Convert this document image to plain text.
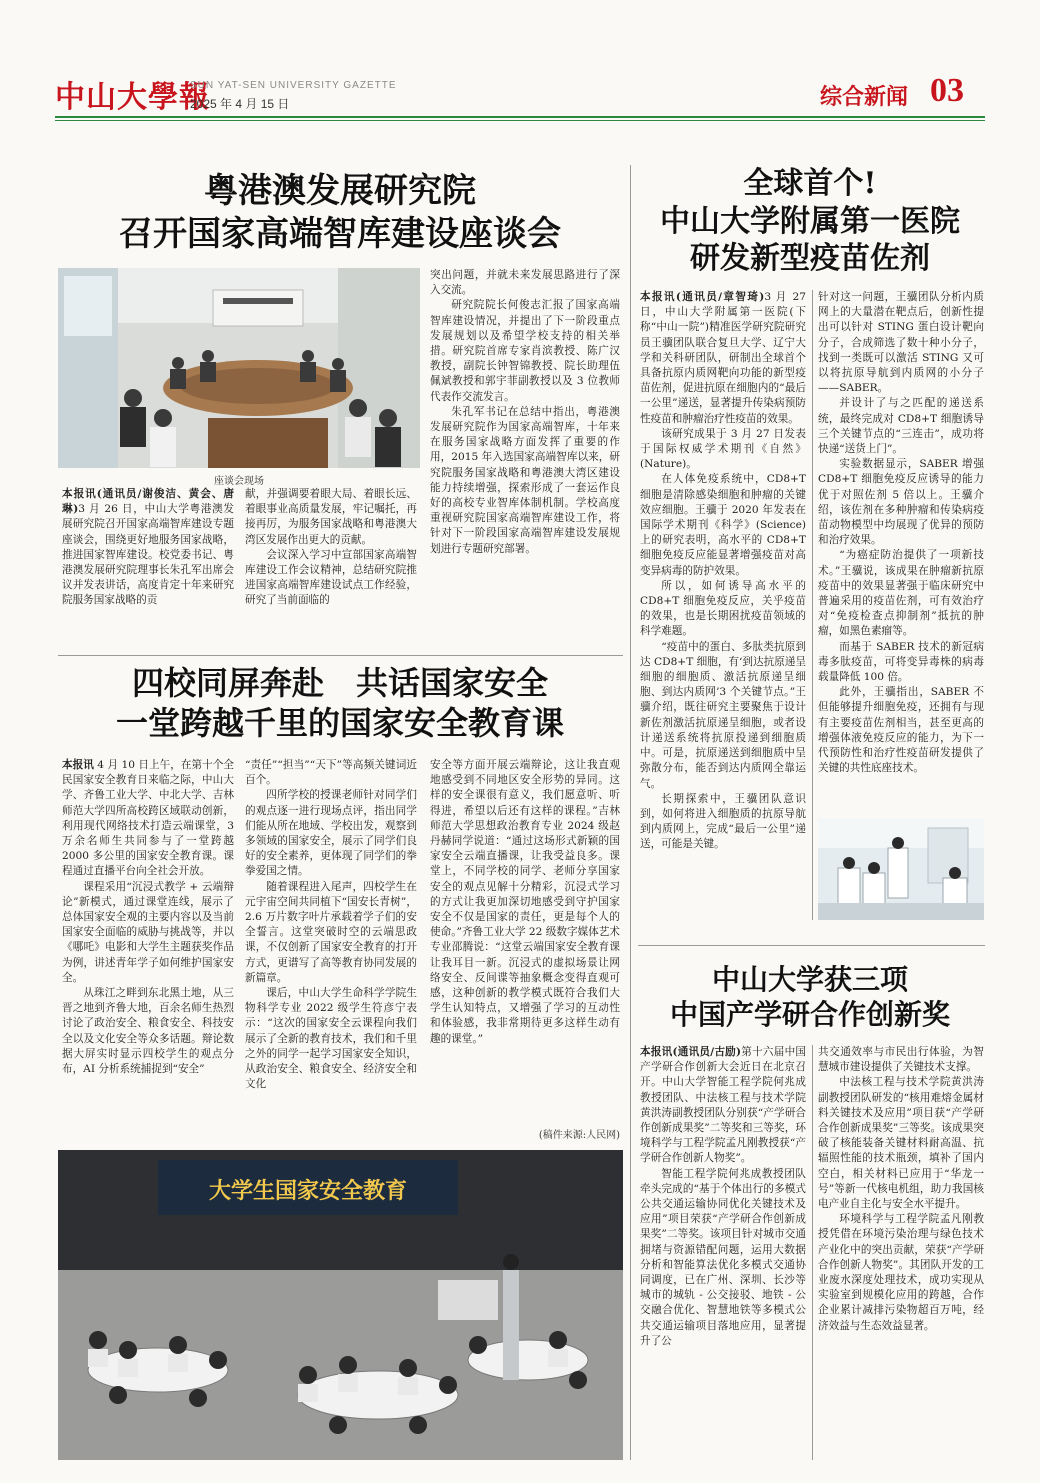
中山大學報
SUN YAT-SEN UNIVERSITY GAZETTE
2025 年 4 月 15 日	综合新闻 03
粤港澳发展研究院
召开国家高端智库建设座谈会
座谈会现场

本报讯(通讯员/谢俊洁、黄会、唐琳)3 月 26 日，中山大学粤港澳发展研究院召开国家高端智库建设专题座谈会，围绕更好地服务国家战略，推进国家智库建设。校党委书记、粤港澳发展研究院理事长朱孔军出席会议并发表讲话，高度肯定十年来研究院服务国家战略的贡

献，并强调要着眼大局、着眼长远、着眼事业高质量发展，牢记嘱托，再接再厉，为服务国家战略和粤港澳大湾区发展作出更大的贡献。

会议深入学习中宣部国家高端智库建设工作会议精神，总结研究院推进国家高端智库建设试点工作经验，研究了当前面临的

突出问题，并就未来发展思路进行了深入交流。

研究院院长何俊志汇报了国家高端智库建设情况，并提出了下一阶段重点发展规划以及希望学校支持的相关举措。研究院首席专家肖滨教授、陈广汉教授，副院长钟智锦教授、院长助理伍佩斌教授和郭宇菲副教授以及 3 位教师代表作交流发言。

朱孔军书记在总结中指出，粤港澳发展研究院作为国家高端智库，十年来在服务国家战略方面发挥了重要的作用，2015 年入选国家高端智库以来，研究院服务国家战略和粤港澳大湾区建设能力持续增强，探索形成了一套运作良好的高校专业智库体制机制。学校高度重视研究院国家高端智库建设工作，将针对下一阶段国家高端智库建设发展规划进行专题研究部署。

全球首个!
中山大学附属第一医院
研发新型疫苗佐剂

本报讯(通讯员/章智琦)3 月 27 日，中山大学附属第一医院(下称“中山一院”)精准医学研究院研究员王骥团队联合复旦大学、辽宁大学和关科研团队，研制出全球首个具备抗原内质网靶向功能的新型疫苗佐剂，促进抗原在细胞内的“最后一公里”递送，显著提升传染病预防性疫苗和肿瘤治疗性疫苗的效果。

该研究成果于 3 月 27 日发表于国际权威学术期刊《自然》(Nature)。

在人体免疫系统中，CD8+T 细胞是清除感染细胞和肿瘤的关键效应细胞。王骥于 2020 年发表在国际学术期刊《科学》(Science)上的研究表明，高水平的 CD8+T 细胞免疫反应能显著增强疫苗对高变异病毒的防护效果。

所以，如何诱导高水平的 CD8+T 细胞免疫反应，关乎疫苗的效果，也是长期困扰疫苗领域的科学难题。

“疫苗中的蛋白、多肽类抗原到达 CD8+T 细胞，有‘到达抗原递呈细胞的细胞质、激活抗原递呈细胞、到达内质网’3 个关键节点。”王骥介绍，既往研究主要聚焦于设计新佐剂激活抗原递呈细胞，或者设计递送系统将抗原投递到细胞质中。可是，抗原递送到细胞质中呈弥散分布，能否到达内质网全靠运气。

长期探索中，王骥团队意识到，如何将进入细胞质的抗原导航到内质网上，完成“最后一公里”递送，可能是关键。

针对这一问题，王骥团队分析内质网上的大量潜在靶点后，创新性提出可以针对 STING 蛋白设计靶向分子，合成筛选了数十种小分子，找到一类既可以激活 STING 又可以将抗原导航到内质网的小分子——SABER。

并设计了与之匹配的递送系统，最终完成对 CD8+T 细胞诱导三个关键节点的“三连击”，成功将快递“送货上门”。

实验数据显示，SABER 增强 CD8+T 细胞免疫反应诱导的能力优于对照佐剂 5 倍以上。王骥介绍，该佐剂在多种肿瘤和传染病疫苗动物模型中均展现了优异的预防和治疗效果。

“为癌症防治提供了一项新技术。”王骥说，该成果在肿瘤新抗原疫苗中的效果显著强于临床研究中普遍采用的疫苗佐剂，可有效治疗对“免疫检查点抑制剂”抵抗的肿瘤，如黑色素瘤等。

而基于 SABER 技术的新冠病毒多肽疫苗，可将变异毒株的病毒载量降低 100 倍。

此外，王骥指出，SABER 不但能够提升细胞免疫，还拥有与现有主要疫苗佐剂相当，甚至更高的增强体液免疫反应的能力，为下一代预防性和治疗性疫苗研发提供了关键的共性底座技术。

四校同屏奔赴　共话国家安全
一堂跨越千里的国家安全教育课

本报讯 4 月 10 日上午，在第十个全民国家安全教育日来临之际，中山大学、齐鲁工业大学、中北大学、吉林师范大学四所高校跨区域联动创新，利用现代网络技术打造云端课堂，3 万余名师生共同参与了一堂跨越 2000 多公里的国家安全教育课。课程通过直播平台向全社会开放。

课程采用“沉浸式教学 + 云端辩论”新模式，通过课堂连线，展示了总体国家安全观的主要内容以及当前国家安全面临的威胁与挑战等，并以《哪吒》电影和大学生主题获奖作品为例，讲述青年学子如何维护国家安全。

从珠江之畔到东北黑土地，从三晋之地到齐鲁大地，百余名师生热烈讨论了政治安全、粮食安全、科技安全以及文化安全等众多话题。辩论数据大屏实时显示四校学生的观点分布，AI 分析系统捕捉到“安全”

“责任”“担当”“天下”等高频关键词近百个。

四所学校的授课老师针对同学们的观点逐一进行现场点评，指出同学们能从所在地域、学校出发，观察到多领域的国家安全，展示了同学们良好的安全素养，更体现了同学们的拳拳爱国之情。

随着课程进入尾声，四校学生在元宇宙空间共同植下“国安长青树”，2.6 万片数字叶片承载着学子们的安全誓言。这堂突破时空的云端思政课，不仅创新了国家安全教育的打开方式，更谱写了高等教育协同发展的新篇章。

课后，中山大学生命科学学院生物科学专业 2022 级学生符彦宁表示：“这次的国家安全云课程向我们展示了全新的教育技术，我们和千里之外的同学一起学习国家安全知识，从政治安全、粮食安全、经济安全和文化

安全等方面开展云端辩论，这让我直观地感受到不同地区安全形势的异同。这样的安全课很有意义，我们愿意听、听得进，希望以后还有这样的课程。”吉林师范大学思想政治教育专业 2024 级赵丹赫同学说道：“通过这场形式新颖的国家安全云端直播课，让我受益良多。课堂上，不同学校的同学、老师分享国家安全的观点见解十分精彩，沉浸式学习的方式让我更加深切地感受到守护国家安全不仅是国家的责任，更是每个人的使命。”齐鲁工业大学 22 级数字媒体艺术专业邵腾说：“这堂云端国家安全教育课让我耳目一新。沉浸式的虚拟场景让网络安全、反间谍等抽象概念变得直观可感，这种创新的教学模式既符合我们大学生认知特点，又增强了学习的互动性和体验感，我非常期待更多这样生动有趣的课堂。”

(稿件来源:人民网)
大学生国家安全教育
中山大学获三项
中国产学研合作创新奖

本报讯(通讯员/古励)第十六届中国产学研合作创新大会近日在北京召开。中山大学智能工程学院何兆成教授团队、中法核工程与技术学院黄洪涛副教授团队分别获“产学研合作创新成果奖”二等奖和三等奖，环境科学与工程学院孟凡刚教授获“产学研合作创新人物奖”。

智能工程学院何兆成教授团队牵头完成的“基于个体出行的多模式公共交通运输协同优化关键技术及应用”项目荣获“产学研合作创新成果奖”二等奖。该项目针对城市交通拥堵与资源错配问题，运用大数据分析和智能算法优化多模式交通协同调度，已在广州、深圳、长沙等城市的城轨 - 公交接驳、地铁 - 公交融合优化、智慧地铁等多模式公共交通运输项目落地应用，显著提升了公

共交通效率与市民出行体验，为智慧城市建设提供了关键技术支撑。

中法核工程与技术学院黄洪涛副教授团队研发的“核用难熔金属材料关键技术及应用”项目获“产学研合作创新成果奖”三等奖。该成果突破了核能装备关键材料耐高温、抗辐照性能的技术瓶颈，填补了国内空白，相关材料已应用于“华龙一号”等新一代核电机组，助力我国核电产业自主化与安全水平提升。

环境科学与工程学院孟凡刚教授凭借在环境污染治理与绿色技术产业化中的突出贡献，荣获“产学研合作创新人物奖”。其团队开发的工业废水深度处理技术，成功实现从实验室到规模化应用的跨越，合作企业累计减排污染物超百万吨，经济效益与生态效益显著。
